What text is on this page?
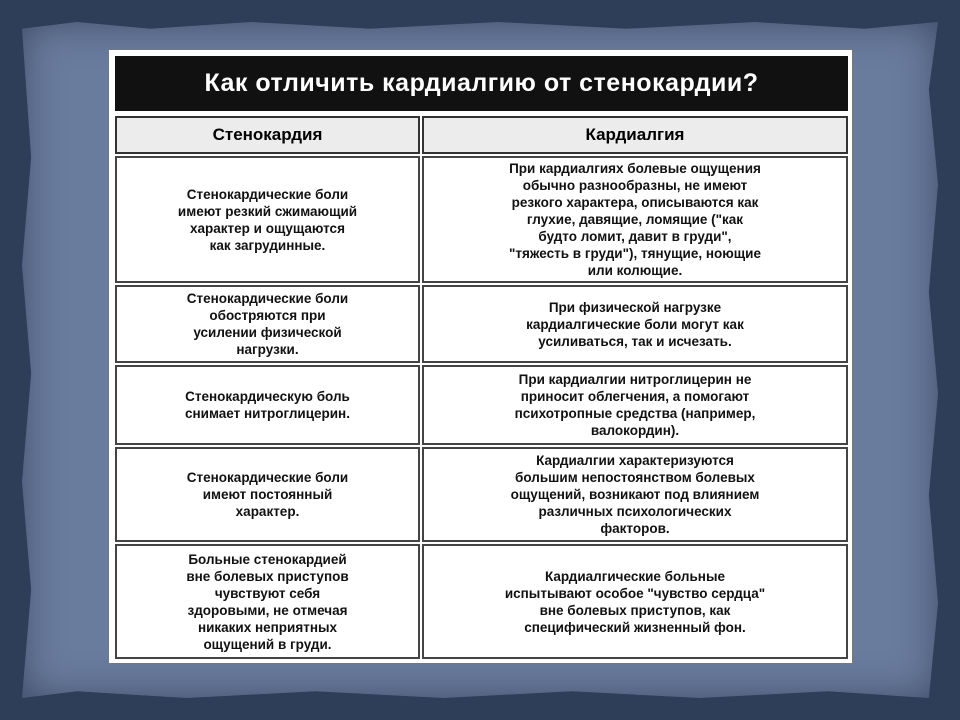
Как отличить кардиалгию от стенокардии?
Стенокардия	Кардиалгия
Стенокардические боли
имеют резкий сжимающий
характер и ощущаются
как загрудинные.
При кардиалгиях болевые ощущения
обычно разнообразны, не имеют
резкого характера, описываются как
глухие, давящие, ломящие ("как
будто ломит, давит в груди",
"тяжесть в груди"), тянущие, ноющие
или колющие.
Стенокардические боли
обостряются при
усилении физической
нагрузки.
При физической нагрузке
кардиалгические боли могут как
усиливаться, так и исчезать.
Стенокардическую боль
снимает нитроглицерин.
При кардиалгии нитроглицерин не
приносит облегчения, а помогают
психотропные средства (например,
валокордин).
Стенокардические боли
имеют постоянный
характер.
Кардиалгии характеризуются
большим непостоянством болевых
ощущений, возникают под влиянием
различных психологических
факторов.
Больные стенокардией
вне болевых приступов
чувствуют себя
здоровыми, не отмечая
никаких неприятных
ощущений в груди.
Кардиалгические больные
испытывают особое "чувство сердца"
вне болевых приступов, как
специфический жизненный фон.
